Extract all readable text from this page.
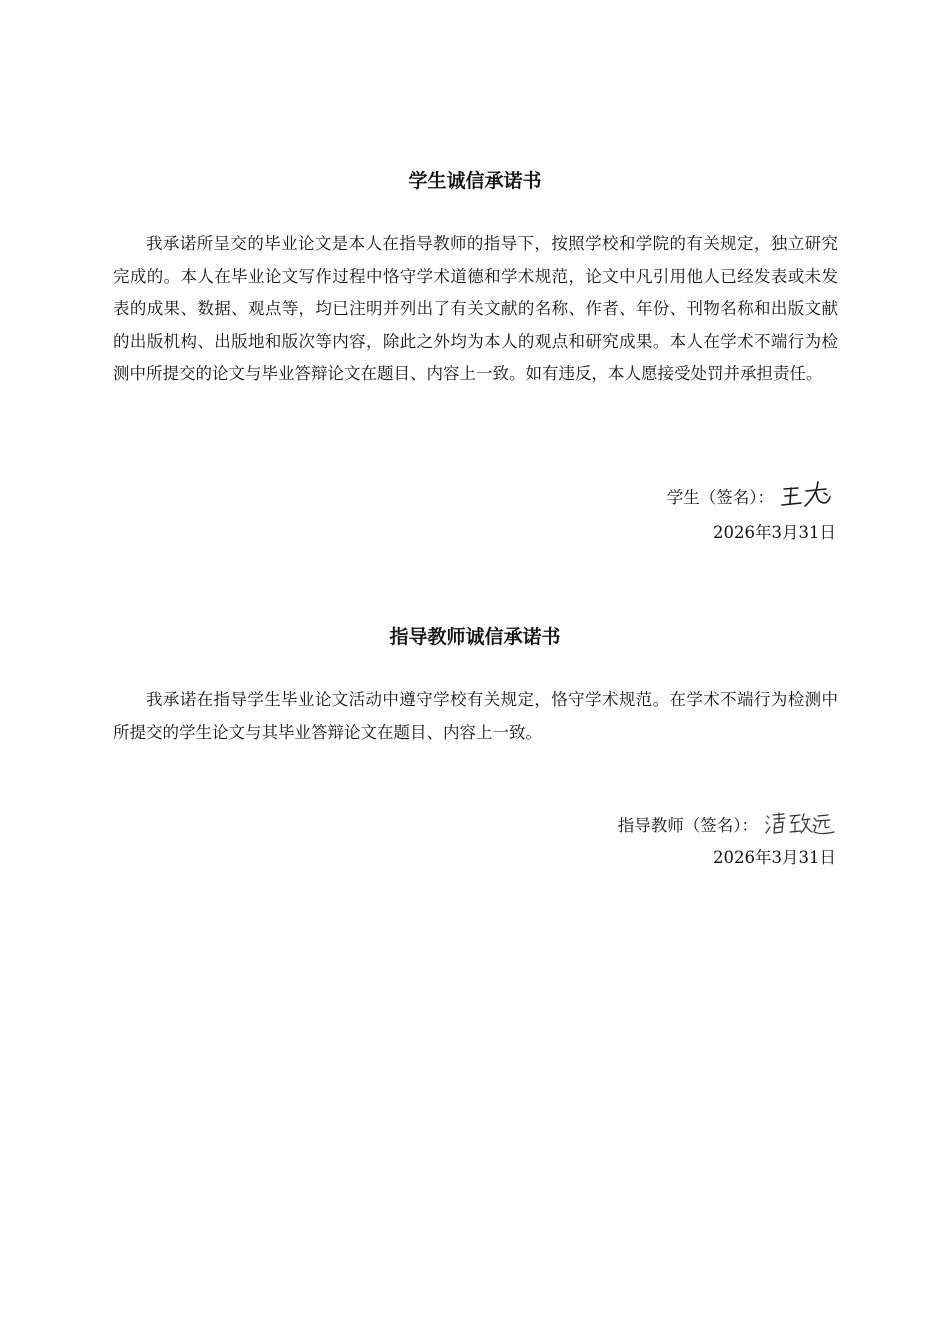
学生诚信承诺书

我承诺所呈交的毕业论文是本人在指导教师的指导下，按照学校和学院的有关规定，独立研究完成的。本人在毕业论文写作过程中恪守学术道德和学术规范，论文中凡引用他人已经发表或未发表的成果、数据、观点等，均已注明并列出了有关文献的名称、作者、年份、刊物名称和出版文献的出版机构、出版地和版次等内容，除此之外均为本人的观点和研究成果。本人在学术不端行为检测中所提交的论文与毕业答辩论文在题目、内容上一致。如有违反，本人愿接受处罚并承担责任。

学生（签名）：
2026年3月31日
指导教师诚信承诺书

我承诺在指导学生毕业论文活动中遵守学校有关规定，恪守学术规范。在学术不端行为检测中所提交的学生论文与其毕业答辩论文在题目、内容上一致。

指导教师（签名）：
2026年3月31日
